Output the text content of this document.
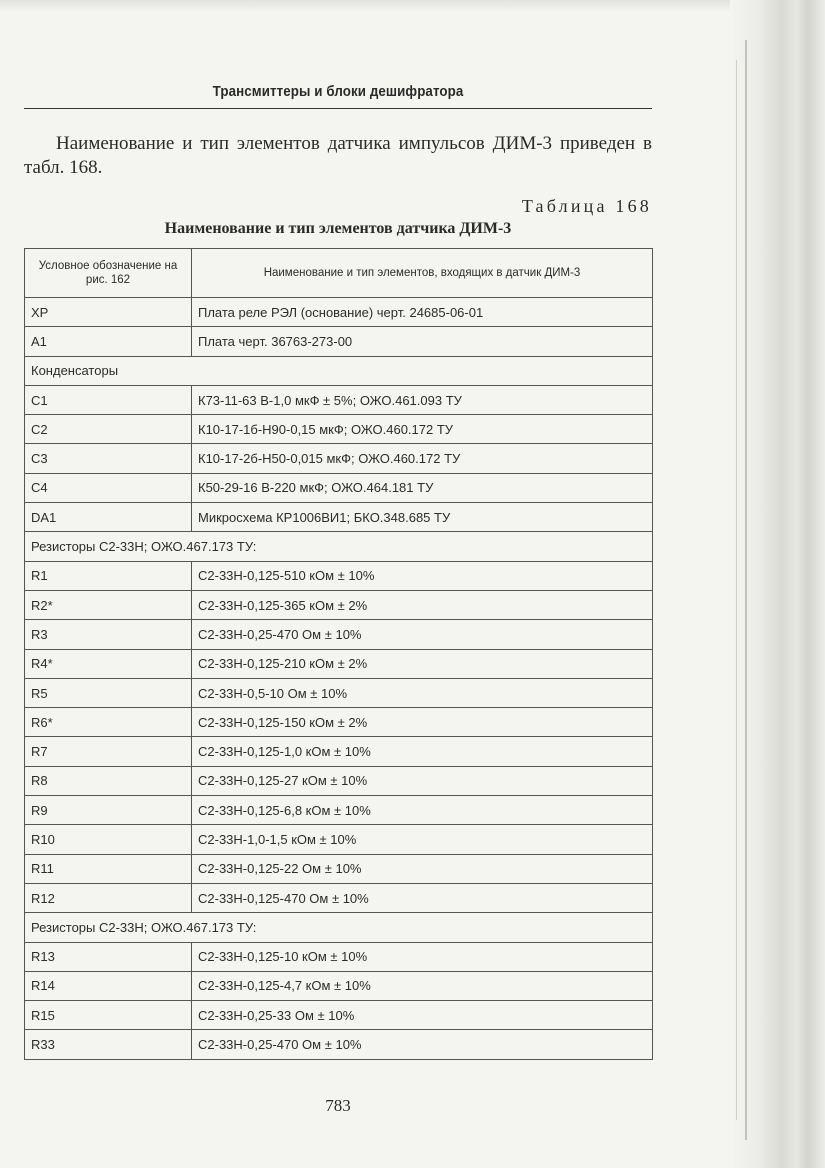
Трансмиттеры и блоки дешифратора
Наименование и тип элементов датчика импульсов ДИМ-3 приведен в табл. 168.
Таблица 168
Наименование и тип элементов датчика ДИМ-3
Условное обозначение на рис. 162	Наименование и тип элементов, входящих в датчик ДИМ-3
XP	Плата реле РЭЛ (основание) черт. 24685-06-01
A1	Плата черт. 36763-273-00
Конденсаторы	
C1	К73-11-63 В-1,0 мкФ ± 5%; ОЖО.461.093 ТУ
C2	К10-17-1б-Н90-0,15 мкФ; ОЖО.460.172 ТУ
C3	К10-17-2б-Н50-0,015 мкФ; ОЖО.460.172 ТУ
C4	К50-29-16 В-220 мкФ; ОЖО.464.181 ТУ
DA1	Микросхема КР1006ВИ1; БКО.348.685 ТУ
Резисторы С2-33Н; ОЖО.467.173 ТУ:	
R1	С2-33Н-0,125-510 кОм ± 10%
R2*	С2-33Н-0,125-365 кОм ± 2%
R3	С2-33Н-0,25-470 Ом ± 10%
R4*	С2-33Н-0,125-210 кОм ± 2%
R5	С2-33Н-0,5-10 Ом ± 10%
R6*	С2-33Н-0,125-150 кОм ± 2%
R7	С2-33Н-0,125-1,0 кОм ± 10%
R8	С2-33Н-0,125-27 кОм ± 10%
R9	С2-33Н-0,125-6,8 кОм ± 10%
R10	С2-33Н-1,0-1,5 кОм ± 10%
R11	С2-33Н-0,125-22 Ом ± 10%
R12	С2-33Н-0,125-470 Ом ± 10%
Резисторы С2-33Н; ОЖО.467.173 ТУ:	
R13	С2-33Н-0,125-10 кОм ± 10%
R14	С2-33Н-0,125-4,7 кОм ± 10%
R15	С2-33Н-0,25-33 Ом ± 10%
R33	С2-33Н-0,25-470 Ом ± 10%
783
